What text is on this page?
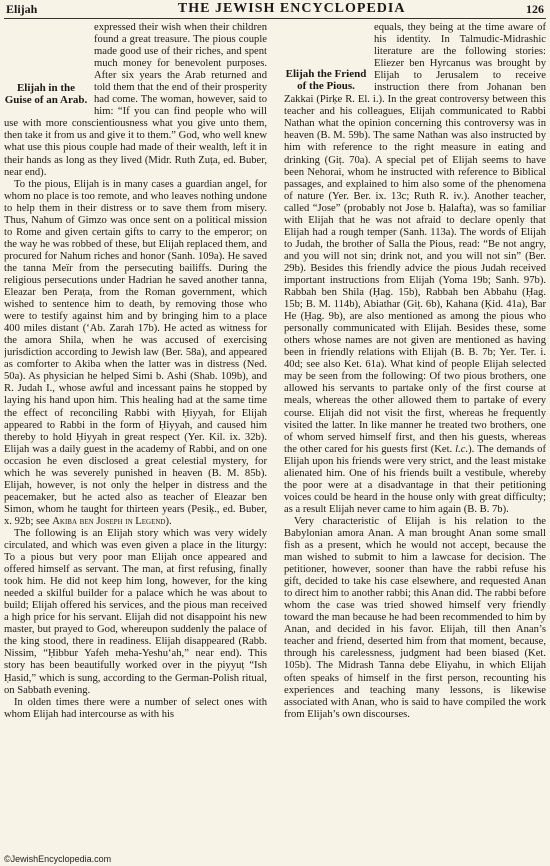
Elijah	THE JEWISH ENCYCLOPEDIA	126

Elijah in the Guise of an Arab.
expressed their wish when their children found a great treasure. The pious couple made good use of their riches, and spent much money for benevolent purposes. After six years the Arab returned and told them that the end of their prosperity had come. The woman, however, said to him: “If you can find people who will use with more conscientiousness what you give unto them, then take it from us and give it to them.” God, who well knew what use this pious couple had made of their wealth, left it in their hands as long as they lived (Midr. Ruth Zuṭa, ed. Buber, near end).

To the pious, Elijah is in many cases a guardian angel, for whom no place is too remote, and who leaves nothing undone to help them in their distress or to save them from misery. Thus, Nahum of Gimzo was once sent on a political mission to Rome and given certain gifts to carry to the emperor; on the way he was robbed of these, but Elijah replaced them, and procured for Nahum riches and honor (Sanh. 109a). He saved the tanna Meïr from the persecuting bailiffs. During the religious persecutions under Hadrian he saved another tanna, Eleazar ben Peraṭa, from the Roman government, which wished to sentence him to death, by removing those who were to testify against him and by bringing him to a place 400 miles distant (‘Ab. Zarah 17b). He acted as witness for the amora Shila, when he was accused of exercising jurisdiction according to Jewish law (Ber. 58a), and appeared as comforter to Akiba when the latter was in distress (Ned. 50a). As physician he helped Simi b. Ashi (Shab. 109b), and R. Judah I., whose awful and incessant pains he stopped by laying his hand upon him. This healing had at the same time the effect of reconciling Rabbi with Ḥiyyah, for Elijah appeared to Rabbi in the form of Ḥiyyah, and caused him thereby to hold Ḥiyyah in great respect (Yer. Kil. ix. 32b). Elijah was a daily guest in the academy of Rabbi, and on one occasion he even disclosed a great celestial mystery, for which he was severely punished in heaven (B. M. 85b). Elijah, however, is not only the helper in distress and the peacemaker, but he acted also as teacher of Eleazar ben Simon, whom he taught for thirteen years (Pesiḳ., ed. Buber, x. 92b; see Akiba ben Joseph in Legend).

The following is an Elijah story which was very widely circulated, and which was even given a place in the liturgy: To a pious but very poor man Elijah once appeared and offered himself as servant. The man, at first refusing, finally took him. He did not keep him long, however, for the king needed a skilful builder for a palace which he was about to build; Elijah offered his services, and the pious man received a high price for his servant. Elijah did not disappoint his new master, but prayed to God, whereupon suddenly the palace of the king stood, there in readiness. Elijah disappeared (Rabb. Nissim, “Ḥibbur Yafeh meha-Yeshu‘ah,” near end). This story has been beautifully worked over in the piyyuṭ “Ish Ḥasid,” which is sung, according to the German-Polish ritual, on Sabbath evening.

In olden times there were a number of select ones with whom Elijah had intercourse as with his

Elijah the Friend of the Pious.
equals, they being at the time aware of his identity. In Talmudic-Midrashic literature are the following stories: Eliezer ben Hyrcanus was brought by Elijah to Jerusalem to receive instruction there from Johanan ben Zakkai (Pirḳe R. El. i.). In the great controversy between this teacher and his colleagues, Elijah communicated to Rabbi Nathan what the opinion concerning this controversy was in heaven (B. M. 59b). The same Nathan was also instructed by him with reference to the right measure in eating and drinking (Giṭ. 70a). A special pet of Elijah seems to have been Nehorai, whom he instructed with reference to Biblical passages, and explained to him also some of the phenomena of nature (Yer. Ber. ix. 13c; Ruth R. iv.). Another teacher, called “Jose” (probably not Jose b. Ḥalafta), was so familiar with Elijah that he was not afraid to declare openly that Elijah had a rough temper (Sanh. 113a). The words of Elijah to Judah, the brother of Salla the Pious, read: “Be not angry, and you will not sin; drink not, and you will not sin” (Ber. 29b). Besides this friendly advice the pious Judah received important instructions from Elijah (Yoma 19b; Sanh. 97b). Rabbah ben Shila (Ḥag. 15b), Rabbah ben Abbahu (Ḥag. 15b; B. M. 114b), Abiathar (Giṭ. 6b), Kahana (Ḳid. 41a), Bar He (Ḥag. 9b), are also mentioned as among the pious who personally communicated with Elijah. Besides these, some others whose names are not given are mentioned as having been in friendly relations with Elijah (B. B. 7b; Yer. Ter. i. 40d; see also Ket. 61a). What kind of people Elijah selected may be seen from the following: Of two pious brothers, one allowed his servants to partake only of the first course at meals, whereas the other allowed them to partake of every course. Elijah did not visit the first, whereas he frequently visited the latter. In like manner he treated two brothers, one of whom served himself first, and then his guests, whereas the other cared for his guests first (Ket. l.c.). The demands of Elijah upon his friends were very strict, and the least mistake alienated him. One of his friends built a vestibule, whereby the poor were at a disadvantage in that their petitioning voices could be heard in the house only with great difficulty; as a result Elijah never came to him again (B. B. 7b).

Very characteristic of Elijah is his relation to the Babylonian amora Anan. A man brought Anan some small fish as a present, which he would not accept, because the man wished to submit to him a lawcase for decision. The petitioner, however, sooner than have the rabbi refuse his gift, decided to take his case elsewhere, and requested Anan to direct him to another rabbi; this Anan did. The rabbi before whom the case was tried showed himself very friendly toward the man because he had been recommended to him by Anan, and decided in his favor. Elijah, till then Anan’s teacher and friend, deserted him from that moment, because, through his carelessness, judgment had been biased (Ket. 105b). The Midrash Tanna debe Eliyahu, in which Elijah often speaks of himself in the first person, recounting his experiences and teaching many lessons, is likewise associated with Anan, who is said to have compiled the work from Elijah’s own discourses.

©JewishEncyclopedia.com
